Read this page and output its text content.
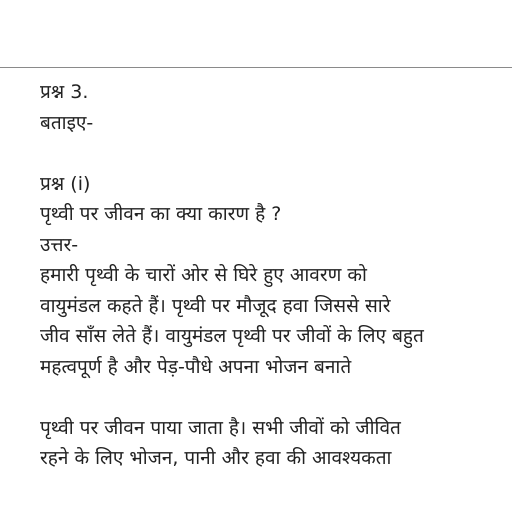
प्रश्न 3.
बताइए-
प्रश्न (i)
पृथ्वी पर जीवन का क्या कारण है ?
उत्तर-
हमारी पृथ्वी के चारों ओर से घिरे हुए आवरण को
वायुमंडल कहते हैं। पृथ्वी पर मौजूद हवा जिससे सारे
जीव साँस लेते हैं। वायुमंडल पृथ्वी पर जीवों के लिए बहुत
महत्वपूर्ण है और पेड़-पौधे अपना भोजन बनाते
पृथ्वी पर जीवन पाया जाता है। सभी जीवों को जीवित
रहने के लिए भोजन, पानी और हवा की आवश्यकता
